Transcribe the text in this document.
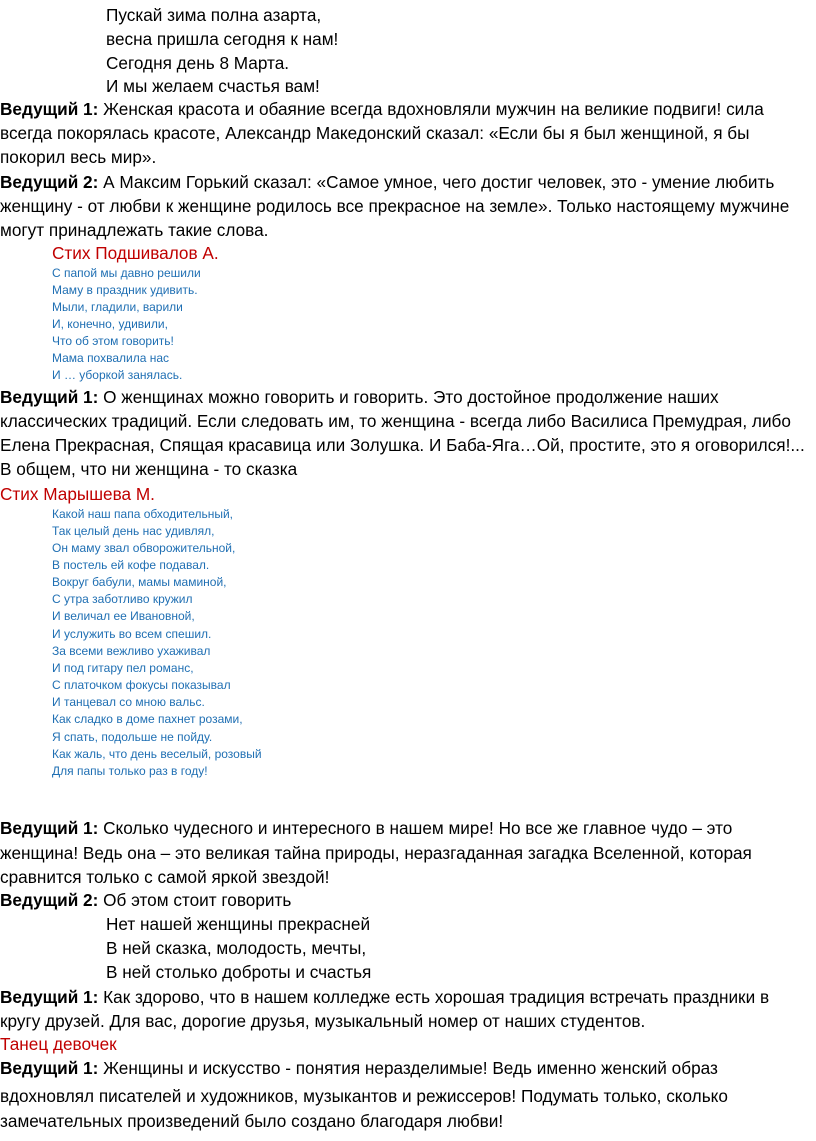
Пускай зима полна азарта,
весна пришла сегодня к нам!
Сегодня день 8 Марта.
И мы желаем счастья вам!
Ведущий 1: Женская красота и обаяние всегда вдохновляли мужчин на великие подвиги! сила
всегда покорялась красоте, Александр Македонский сказал: «Если бы я был женщиной, я бы
покорил весь мир».
Ведущий 2: А Максим Горький сказал: «Самое умное, чего достиг человек, это - умение любить
женщину - от любви к женщине родилось все прекрасное на земле». Только настоящему мужчине
могут принадлежать такие слова.
Стих Подшивалов А.
С папой мы давно решили
Маму в праздник удивить.
Мыли, гладили, варили
И, конечно, удивили,
Что об этом говорить!
Мама похвалила нас
И … уборкой занялась.
Ведущий 1: О женщинах можно говорить и говорить. Это достойное продолжение наших
классических традиций. Если следовать им, то женщина - всегда либо Василиса Премудрая, либо
Елена Прекрасная, Спящая красавица или Золушка. И Баба-Яга…Ой, простите, это я оговорился!...
В общем, что ни женщина - то сказка
Стих Марышева М.
Какой наш папа обходительный,
Так целый день нас удивлял,
Он маму звал обворожительной,
В постель ей кофе подавал.
Вокруг бабули, мамы маминой,
С утра заботливо кружил
И величал ее Ивановной,
И услужить во всем спешил.
За всеми вежливо ухаживал
И под гитару пел романс,
С платочком фокусы показывал
И танцевал со мною вальс.
Как сладко в доме пахнет розами,
Я спать, подольше не пойду.
Как жаль, что день веселый, розовый
Для папы только раз в году!
Ведущий 1: Сколько чудесного и интересного в нашем мире! Но все же главное чудо – это
женщина! Ведь она – это великая тайна природы, неразгаданная загадка Вселенной, которая
сравнится только с самой яркой звездой!
Ведущий 2: Об этом стоит говорить
Нет нашей женщины прекрасней
В ней сказка, молодость, мечты,
В ней столько доброты и счастья
Ведущий 1: Как здорово, что в нашем колледже есть хорошая традиция встречать праздники в
кругу друзей. Для вас, дорогие друзья, музыкальный номер от наших студентов.
Танец девочек
Ведущий 1: Женщины и искусство - понятия неразделимые! Ведь именно женский образ
вдохновлял писателей и художников, музыкантов и режиссеров! Подумать только, сколько
замечательных произведений было создано благодаря любви!
